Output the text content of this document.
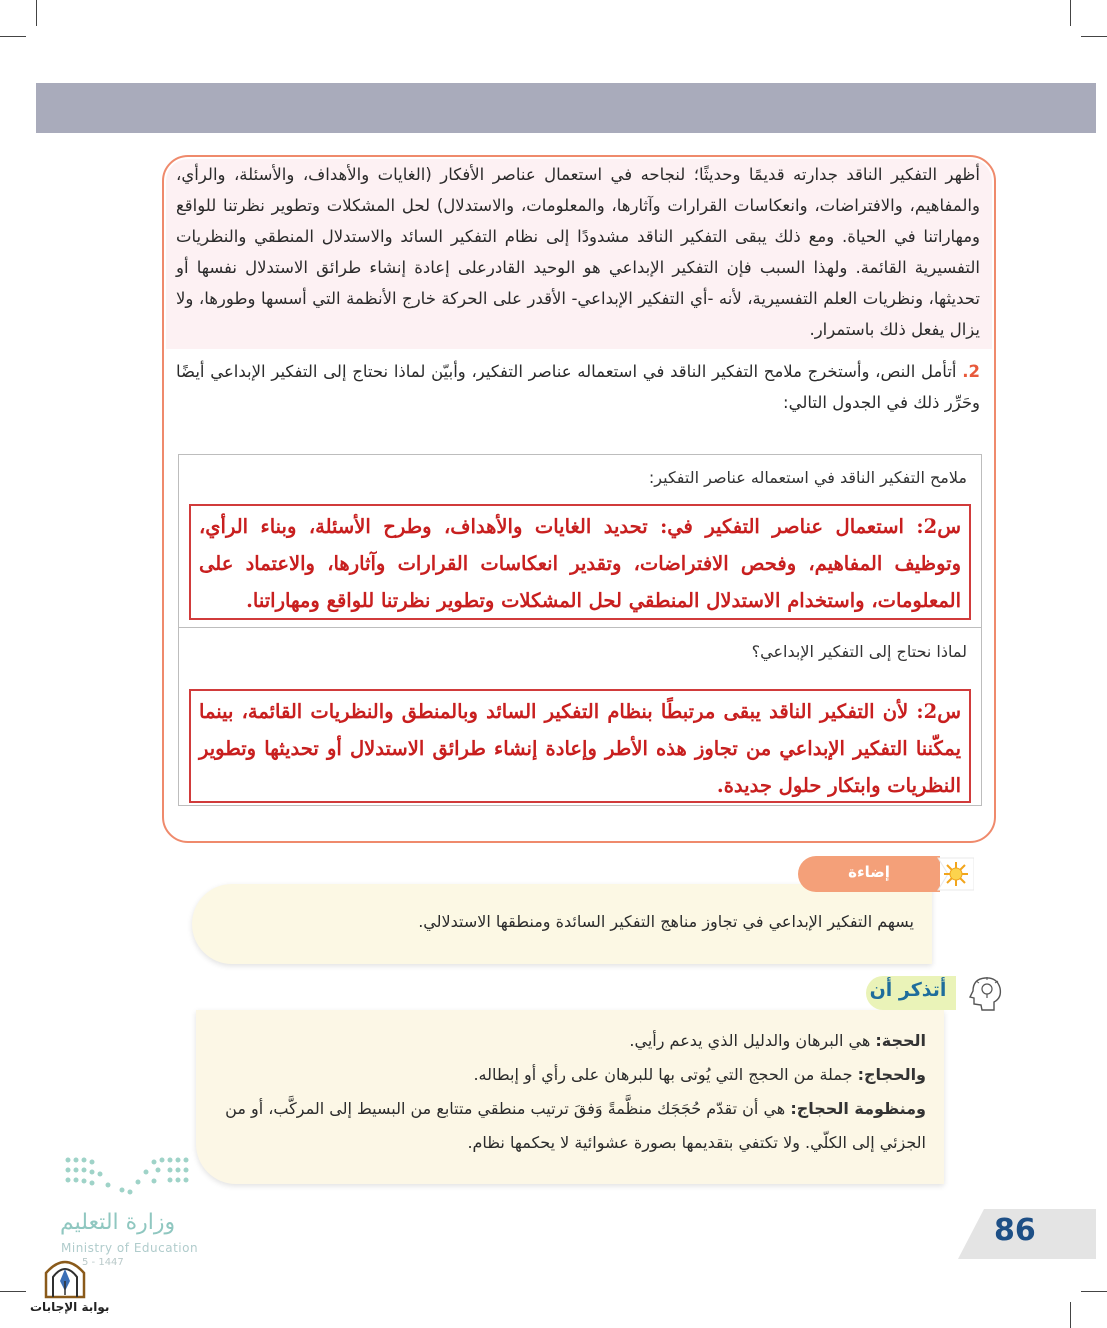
أظهر التفكير الناقد جدارته قديمًا وحديثًا؛ لنجاحه في استعمال عناصر الأفكار (الغايات والأهداف، والأسئلة، والرأي، والمفاهيم، والافتراضات، وانعكاسات القرارات وآثارها، والمعلومات، والاستدلال) لحل المشكلات وتطوير نظرتنا للواقع ومهاراتنا في الحياة. ومع ذلك يبقى التفكير الناقد مشدودًا إلى نظام التفكير السائد والاستدلال المنطقي والنظريات التفسيرية القائمة. ولهذا السبب فإن التفكير الإبداعي هو الوحيد القادرعلى إعادة إنشاء طرائق الاستدلال نفسها أو تحديثها، ونظريات العلم التفسيرية، لأنه -أي التفكير الإبداعي- الأقدر على الحركة خارج الأنظمة التي أسسها وطورها، ولا يزال يفعل ذلك باستمرار.
2. أتأمل النص، وأستخرج ملامح التفكير الناقد في استعماله عناصر التفكير، وأبيّن لماذا نحتاج إلى التفكير الإبداعي أيضًا وحَرِّر ذلك في الجدول التالي:
ملامح التفكير الناقد في استعماله عناصر التفكير:
س2: استعمال عناصر التفكير في: تحديد الغايات والأهداف، وطرح الأسئلة، وبناء الرأي، وتوظيف المفاهيم، وفحص الافتراضات، وتقدير انعكاسات القرارات وآثارها، والاعتماد على المعلومات، واستخدام الاستدلال المنطقي لحل المشكلات وتطوير نظرتنا للواقع ومهاراتنا.
لماذا نحتاج إلى التفكير الإبداعي؟
س2: لأن التفكير الناقد يبقى مرتبطًا بنظام التفكير السائد وبالمنطق والنظريات القائمة، بينما يمكّننا التفكير الإبداعي من تجاوز هذه الأطر وإعادة إنشاء طرائق الاستدلال أو تحديثها وتطوير النظريات وابتكار حلول جديدة.
يسهم التفكير الإبداعي في تجاوز مناهج التفكير السائدة ومنطقها الاستدلالي.
إضاءة
الحجة: هي البرهان والدليل الذي يدعم رأيي.
والحجاج: جملة من الحجج التي يُوتى بها للبرهان على رأي أو إبطاله.
ومنظومة الحجاج: هي أن تقدّم حُجَجَك منظَّمةً وَفقَ ترتيب منطقي متتابع من البسيط إلى المركَّب، أو من الجزئي إلى الكلّي. ولا تكتفي بتقديمها بصورة عشوائية لا يحكمها نظام.
أتذكر أن
وزارة التعليم
Ministry of Education
5 - 1447
بوابة الإجابات
86
